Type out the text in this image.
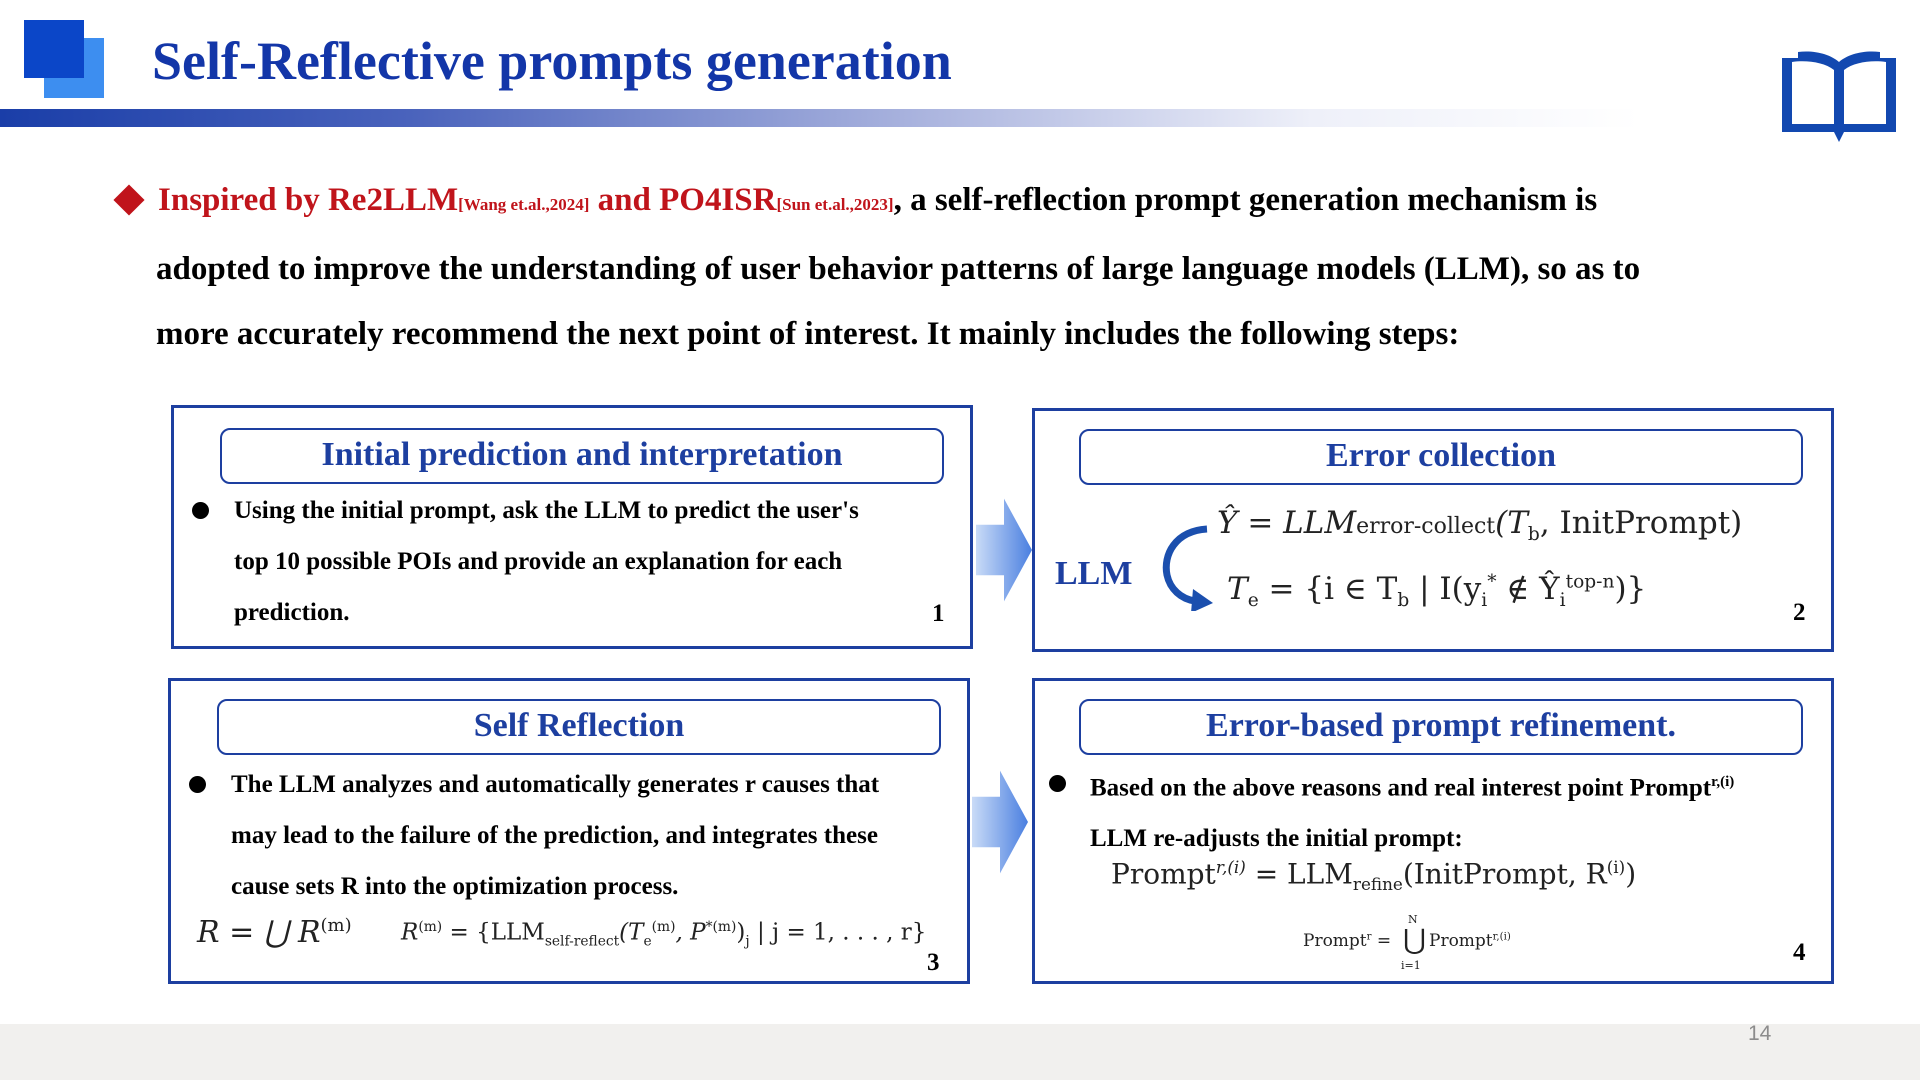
Self-Reflective prompts generation
Inspired by Re2LLM[Wang et.al.,2024] and PO4ISR[Sun et.al.,2023], a self-reflection prompt generation mechanism is
adopted to improve the understanding of user behavior patterns of large language models (LLM), so as to
more accurately recommend the next point of interest. It mainly includes the following steps:
Initial prediction and interpretation
Using the initial prompt, ask the LLM to predict the user's
top 10 possible POIs and provide an explanation for each
prediction.	1
Error collection
LLM
Ŷ = LLMerror-$collect(T_b$, InitPrompt)
$T_e = \{i$ ∈ $T_b$ | $I(y_i^*$ ∉ $Ŷ_i^{top-n}$)}
2
Self Reflection
The LLM analyzes and automatically generates r causes that
may lead to the failure of the prediction, and integrates these
cause sets R into the optimization process.
R = ⋃ $R^{(m)}$ $R^{(m)} = \{LLM_{self-reflect}(T_e^{(m)}$, $P^{*(m)})_j$ | j = 1, . . . , r}
3
Error-based prompt refinement.
Based on the above reasons and real interest point Prompt$^{r,(i)}$
LLM re-adjusts the initial prompt:
Prompt$^{r,(i)}$ = $LLM_{refine}(InitPrompt$, $R^{(i)}$)
Prompt$^r$ =
N
⋃
i=1
Prompt$^{r,(i)}$
4
14
